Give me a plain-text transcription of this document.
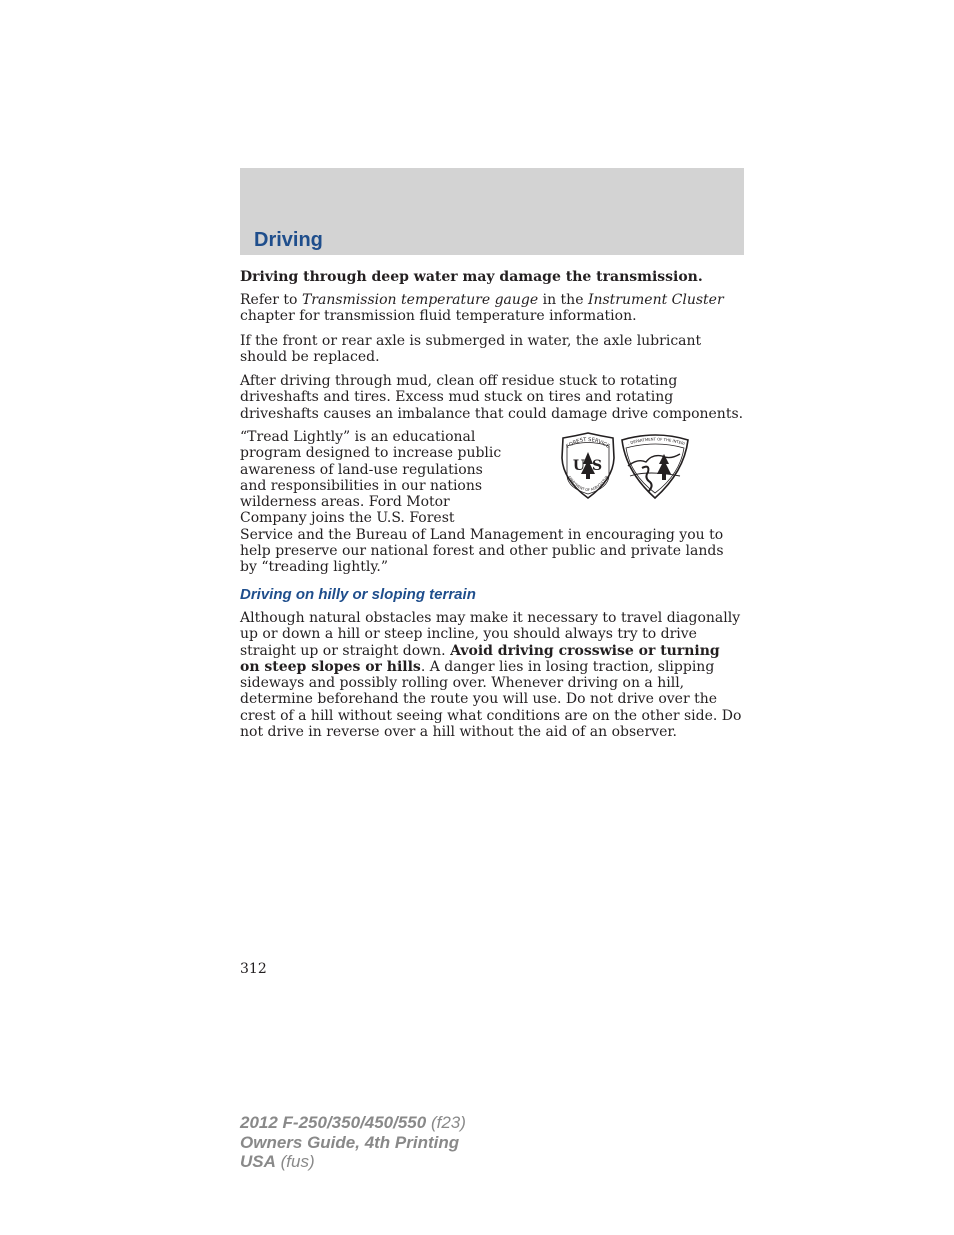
Driving

Driving through deep water may damage the transmission.

Refer to Transmission temperature gauge in the Instrument Cluster chapter for transmission fluid temperature information.

If the front or rear axle is submerged in water, the axle lubricant should be replaced.

After driving through mud, clean off residue stuck to rotating driveshafts and tires. Excess mud stuck on tires and rotating driveshafts causes an imbalance that could damage drive components.

“Tread Lightly” is an educational
program designed to increase public
awareness of land-use regulations
and responsibilities in our nations
wilderness areas. Ford Motor
Company joins the U.S. Forest
Service and the Bureau of Land Management in encouraging you to help preserve our national forest and other public and private lands by “treading lightly.”

FOREST SERVICE
U S
EPARTMENT OF AGRICULTUR
. DEPARTMENT OF THE INTERI
Driving on hilly or sloping terrain

Although natural obstacles may make it necessary to travel diagonally up or down a hill or steep incline, you should always try to drive straight up or straight down. Avoid driving crosswise or turning on steep slopes or hills. A danger lies in losing traction, slipping sideways and possibly rolling over. Whenever driving on a hill, determine beforehand the route you will use. Do not drive over the crest of a hill without seeing what conditions are on the other side. Do not drive in reverse over a hill without the aid of an observer.

312
2012 F-250/350/450/550 (f23)
Owners Guide, 4th Printing
USA (fus)
